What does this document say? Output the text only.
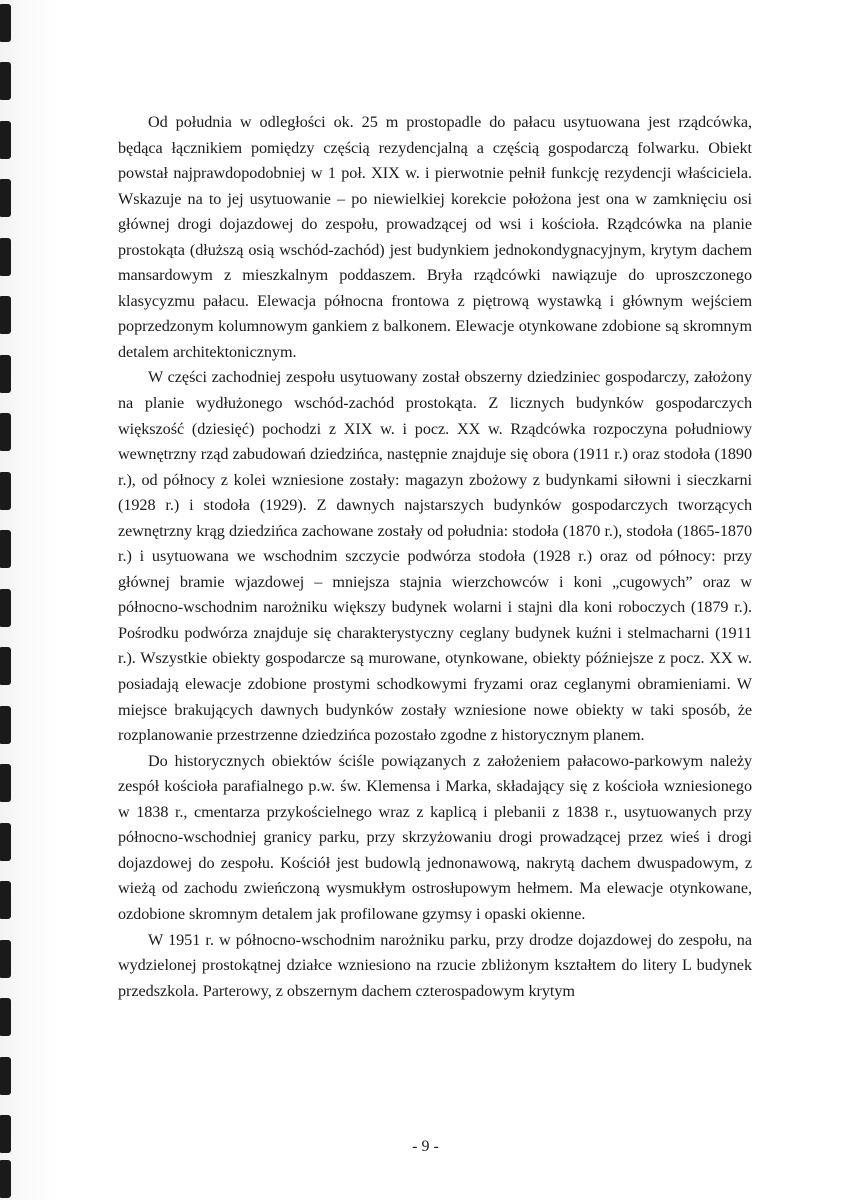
Od południa w odległości ok. 25 m prostopadle do pałacu usytuowana jest rządcówka, będąca łącznikiem pomiędzy częścią rezydencjalną a częścią gospodarczą folwarku. Obiekt powstał najprawdopodobniej w 1 poł. XIX w. i pierwotnie pełnił funkcję rezydencji właściciela. Wskazuje na to jej usytuowanie – po niewielkiej korekcie położona jest ona w zamknięciu osi głównej drogi dojazdowej do zespołu, prowadzącej od wsi i kościoła. Rządcówka na planie prostokąta (dłuższą osią wschód-zachód) jest budynkiem jednokondygnacyjnym, krytym dachem mansardowym z mieszkalnym poddaszem. Bryła rządcówki nawiązuje do uproszczonego klasycyzmu pałacu. Elewacja północna frontowa z piętrową wystawką i głównym wejściem poprzedzonym kolumnowym gankiem z balkonem. Elewacje otynkowane zdobione są skromnym detalem architektonicznym.

W części zachodniej zespołu usytuowany został obszerny dziedziniec gospodarczy, założony na planie wydłużonego wschód-zachód prostokąta. Z licznych budynków gospodarczych większość (dziesięć) pochodzi z XIX w. i pocz. XX w. Rządcówka rozpoczyna południowy wewnętrzny rząd zabudowań dziedzińca, następnie znajduje się obora (1911 r.) oraz stodoła (1890 r.), od północy z kolei wzniesione zostały: magazyn zbożowy z budynkami siłowni i sieczkarni (1928 r.) i stodoła (1929). Z dawnych najstarszych budynków gospodarczych tworzących zewnętrzny krąg dziedzińca zachowane zostały od południa: stodoła (1870 r.), stodoła (1865-1870 r.) i usytuowana we wschodnim szczycie podwórza stodoła (1928 r.) oraz od północy: przy głównej bramie wjazdowej – mniejsza stajnia wierzchowców i koni „cugowych” oraz w północno-wschodnim narożniku większy budynek wolarni i stajni dla koni roboczych (1879 r.). Pośrodku podwórza znajduje się charakterystyczny ceglany budynek kuźni i stelmacharni (1911 r.). Wszystkie obiekty gospodarcze są murowane, otynkowane, obiekty późniejsze z pocz. XX w. posiadają elewacje zdobione prostymi schodkowymi fryzami oraz ceglanymi obramieniami. W miejsce brakujących dawnych budynków zostały wzniesione nowe obiekty w taki sposób, że rozplanowanie przestrzenne dziedzińca pozostało zgodne z historycznym planem.

Do historycznych obiektów ściśle powiązanych z założeniem pałacowo-parkowym należy zespół kościoła parafialnego p.w. św. Klemensa i Marka, składający się z kościoła wzniesionego w 1838 r., cmentarza przykościelnego wraz z kaplicą i plebanii z 1838 r., usytuowanych przy północno-wschodniej granicy parku, przy skrzyżowaniu drogi prowadzącej przez wieś i drogi dojazdowej do zespołu. Kościół jest budowlą jednonawową, nakrytą dachem dwuspadowym, z wieżą od zachodu zwieńczoną wysmukłym ostrosłupowym hełmem. Ma elewacje otynkowane, ozdobione skromnym detalem jak profilowane gzymsy i opaski okienne.

W 1951 r. w północno-wschodnim narożniku parku, przy drodze dojazdowej do zespołu, na wydzielonej prostokątnej działce wzniesiono na rzucie zbliżonym kształtem do litery L budynek przedszkola. Parterowy, z obszernym dachem czterospadowym krytym

- 9 -
